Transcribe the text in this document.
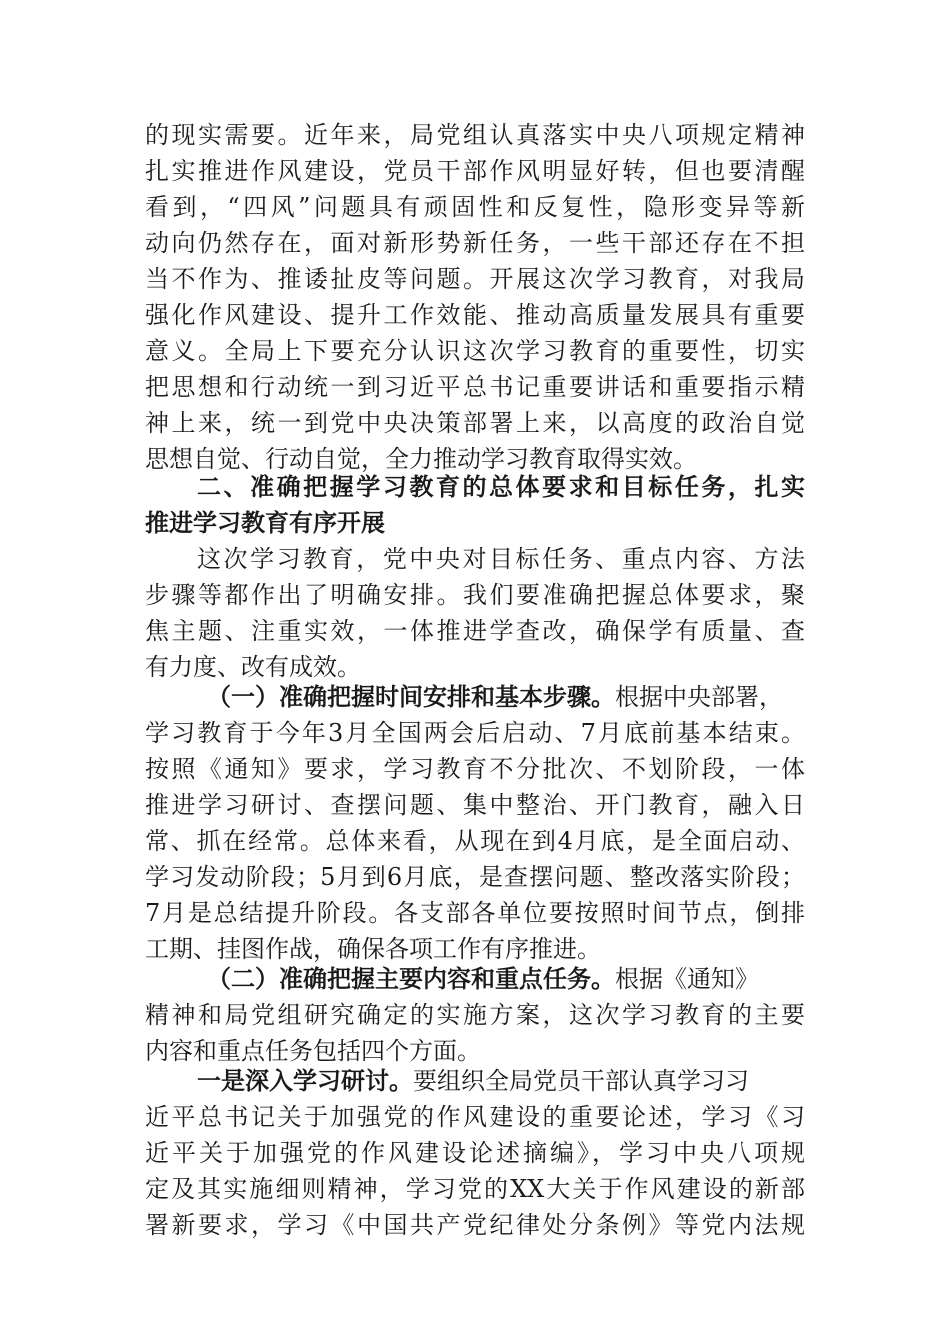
的现实需要。近年来，局党组认真落实中央八项规定精神
扎实推进作风建设，党员干部作风明显好转，但也要清醒
看到，“四风”问题具有顽固性和反复性，隐形变异等新
动向仍然存在，面对新形势新任务，一些干部还存在不担
当不作为、推诿扯皮等问题。开展这次学习教育，对我局
强化作风建设、提升工作效能、推动高质量发展具有重要
意义。全局上下要充分认识这次学习教育的重要性，切实
把思想和行动统一到习近平总书记重要讲话和重要指示精
神上来，统一到党中央决策部署上来，以高度的政治自觉
思想自觉、行动自觉，全力推动学习教育取得实效。
二、准确把握学习教育的总体要求和目标任务，扎实
推进学习教育有序开展
这次学习教育，党中央对目标任务、重点内容、方法
步骤等都作出了明确安排。我们要准确把握总体要求，聚
焦主题、注重实效，一体推进学查改，确保学有质量、查
有力度、改有成效。
（一）准确把握时间安排和基本步骤。根据中央部署，
学习教育于今年3月全国两会后启动、7月底前基本结束。
按照《通知》要求，学习教育不分批次、不划阶段，一体
推进学习研讨、查摆问题、集中整治、开门教育，融入日
常、抓在经常。总体来看，从现在到4月底，是全面启动、
学习发动阶段；5月到6月底，是查摆问题、整改落实阶段；
7月是总结提升阶段。各支部各单位要按照时间节点，倒排
工期、挂图作战，确保各项工作有序推进。
（二）准确把握主要内容和重点任务。根据《通知》
精神和局党组研究确定的实施方案，这次学习教育的主要
内容和重点任务包括四个方面。
一是深入学习研讨。要组织全局党员干部认真学习习
近平总书记关于加强党的作风建设的重要论述，学习《习
近平关于加强党的作风建设论述摘编》，学习中央八项规
定及其实施细则精神，学习党的XX大关于作风建设的新部
署新要求，学习《中国共产党纪律处分条例》等党内法规
